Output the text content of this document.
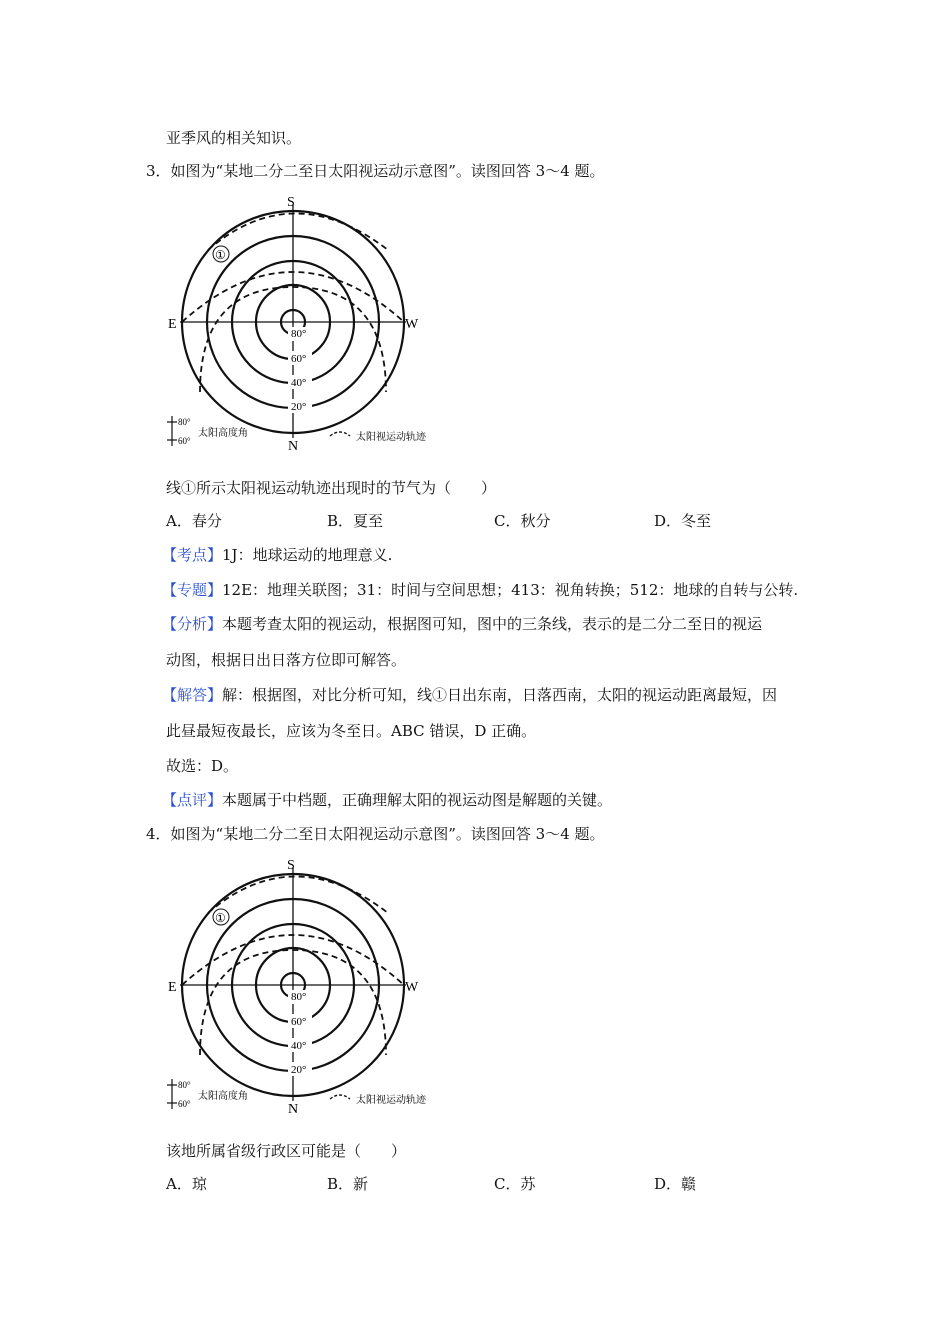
亚季风的相关知识。
3．如图为“某地二分二至日太阳视运动示意图”。读图回答 3～4 题。
80°
60°
40°
20°
S
N
E	W
①
80°
60°
太阳高度角	太阳视运动轨迹
线①所示太阳视运动轨迹出现时的节气为（　　）
A．春分	B．夏至	C．秋分	D．冬至
【考点】1J：地球运动的地理意义.
【专题】12E：地理关联图；31：时间与空间思想；413：视角转换；512：地球的自转与公转.
【分析】本题考查太阳的视运动，根据图可知，图中的三条线，表示的是二分二至日的视运
动图，根据日出日落方位即可解答。
【解答】解：根据图，对比分析可知，线①日出东南，日落西南，太阳的视运动距离最短，因
此昼最短夜最长，应该为冬至日。ABC 错误，D 正确。
故选：D。
【点评】本题属于中档题，正确理解太阳的视运动图是解题的关键。
4．如图为“某地二分二至日太阳视运动示意图”。读图回答 3～4 题。
80°
60°
40°
20°
S
N
E	W
①
80°
60°
太阳高度角	太阳视运动轨迹
该地所属省级行政区可能是（　　）
A．琼	B．新	C．苏	D．赣
